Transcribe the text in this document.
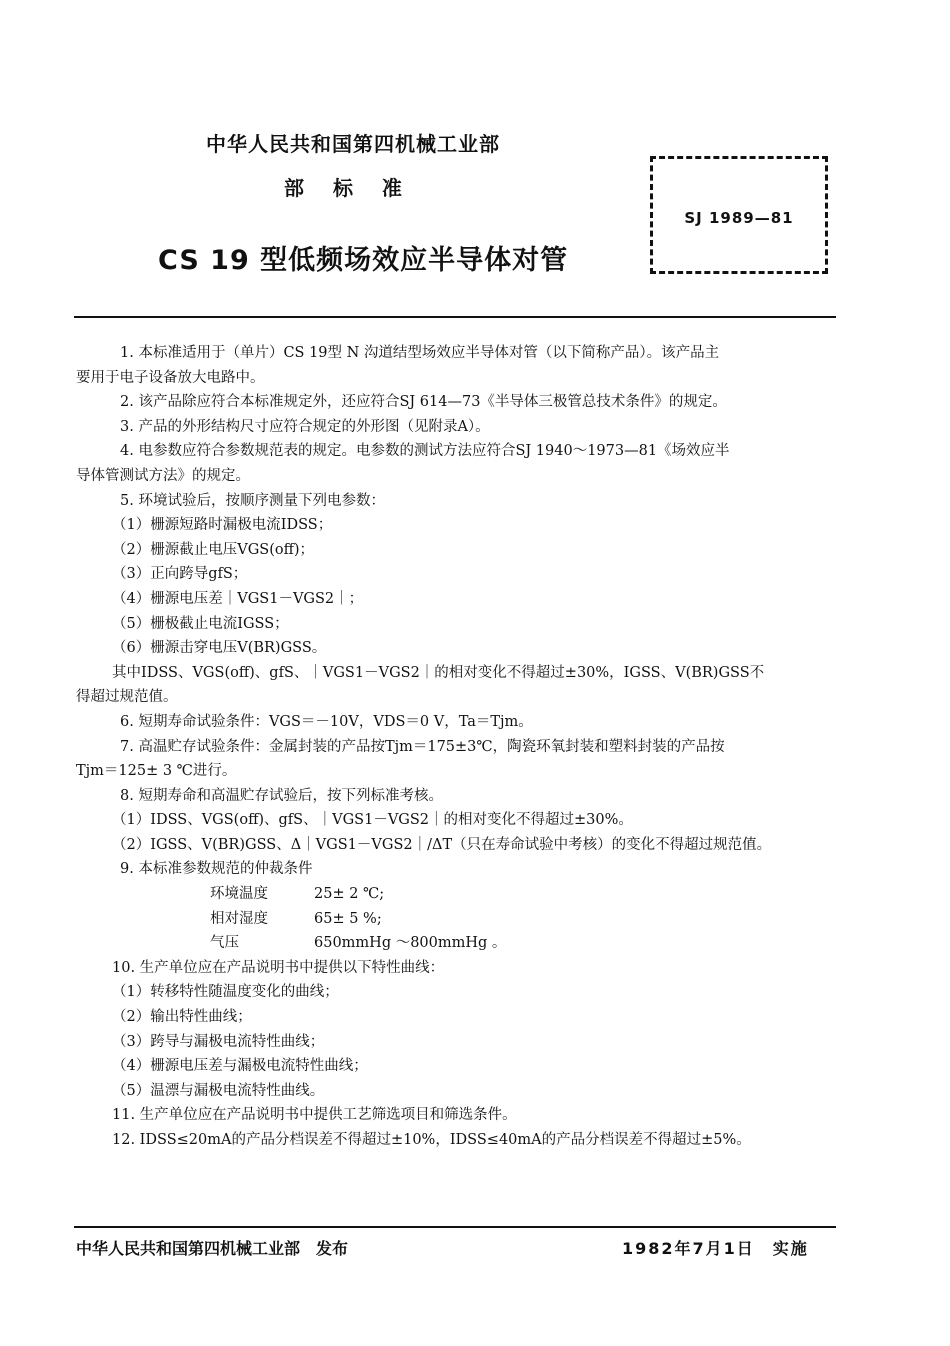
中华人民共和国第四机械工业部
部 标 准
CS 19 型低频场效应半导体对管
SJ 1989—81

1. 本标准适用于（单片）CS 19型 N 沟道结型场效应半导体对管（以下简称产品）。该产品主

要用于电子设备放大电路中。

2. 该产品除应符合本标准规定外，还应符合SJ 614—73《半导体三极管总技术条件》的规定。

3. 产品的外形结构尺寸应符合规定的外形图（见附录A）。

4. 电参数应符合参数规范表的规定。电参数的测试方法应符合SJ 1940～1973—81《场效应半

导体管测试方法》的规定。

5. 环境试验后，按顺序测量下列电参数：

（1）栅源短路时漏极电流IDSS；

（2）栅源截止电压VGS(off)；

（3）正向跨导gfS；

（4）栅源电压差｜VGS1－VGS2｜；

（5）栅极截止电流IGSS；

（6）栅源击穿电压V(BR)GSS。

其中IDSS、VGS(off)、gfS、｜VGS1－VGS2｜的相对变化不得超过±30%，IGSS、V(BR)GSS不

得超过规范值。

6. 短期寿命试验条件：VGS＝－10V，VDS＝0 V，Ta＝Tjm。

7. 高温贮存试验条件：金属封装的产品按Tjm＝175±3℃，陶瓷环氧封装和塑料封装的产品按

Tjm＝125± 3 ℃进行。

8. 短期寿命和高温贮存试验后，按下列标准考核。

（1）IDSS、VGS(off)、gfS、｜VGS1－VGS2｜的相对变化不得超过±30%。

（2）IGSS、V(BR)GSS、Δ｜VGS1－VGS2｜/ΔT（只在寿命试验中考核）的变化不得超过规范值。

9. 本标准参数规范的仲裁条件

环境温度	25± 2 ℃;
相对湿度	65± 5 %;
气压	650mmHg ～800mmHg 。

10. 生产单位应在产品说明书中提供以下特性曲线：

（1）转移特性随温度变化的曲线；

（2）输出特性曲线；

（3）跨导与漏极电流特性曲线；

（4）栅源电压差与漏极电流特性曲线；

（5）温漂与漏极电流特性曲线。

11. 生产单位应在产品说明书中提供工艺筛选项目和筛选条件。

12. IDSS≤20mA的产品分档误差不得超过±10%，IDSS≤40mA的产品分档误差不得超过±5%。

中华人民共和国第四机械工业部　发布	1982年7月1日　实施
